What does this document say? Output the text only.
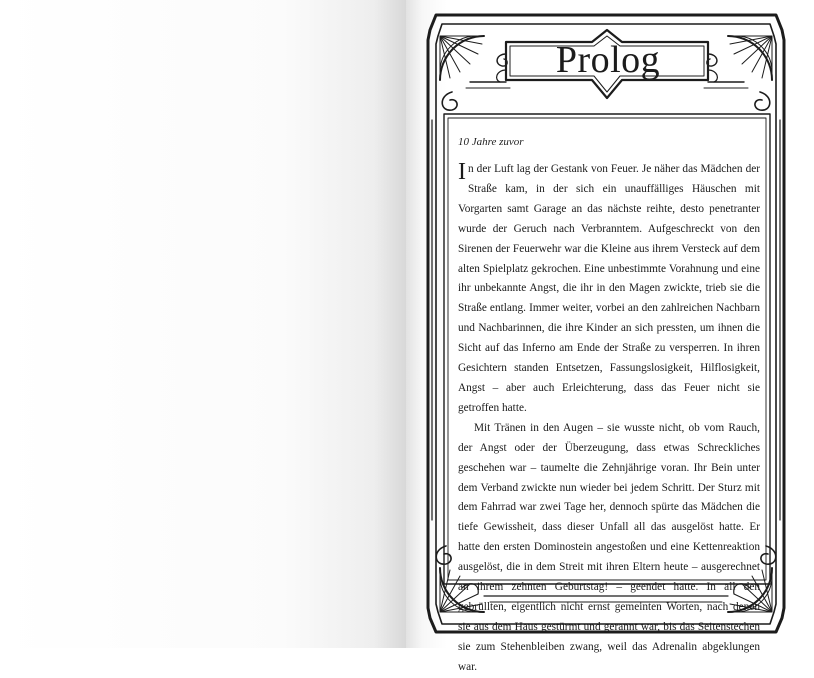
Prolog
10 Jahre zuvor

I n der Luft lag der Gestank von Feuer. Je näher das Mädchen der Straße kam, in der sich ein unauffälliges Häuschen mit Vorgarten samt Garage an das nächste reihte, desto penetranter wurde der Geruch nach Verbranntem. Aufgeschreckt von den Sirenen der Feuerwehr war die Kleine aus ihrem Versteck auf dem alten Spielplatz gekrochen. Eine unbestimmte Vorahnung und eine ihr unbekannte Angst, die ihr in den Magen zwickte, trieb sie die Straße entlang. Immer weiter, vorbei an den zahlreichen Nachbarn und Nachbarinnen, die ihre Kinder an sich pressten, um ihnen die Sicht auf das Inferno am Ende der Straße zu versperren. In ihren Gesichtern standen Entsetzen, Fassungslosigkeit, Hilflosigkeit, Angst – aber auch Erleichterung, dass das Feuer nicht sie getroffen hatte.

Mit Tränen in den Augen – sie wusste nicht, ob vom Rauch, der Angst oder der Überzeugung, dass etwas Schreckliches geschehen war – taumelte die Zehnjährige voran. Ihr Bein unter dem Verband zwickte nun wieder bei jedem Schritt. Der Sturz mit dem Fahrrad war zwei Tage her, dennoch spürte das Mädchen die tiefe Gewissheit, dass dieser Unfall all das ausgelöst hatte. Er hatte den ersten Dominostein angestoßen und eine Kettenreaktion ausgelöst, die in dem Streit mit ihren Eltern heute – ausgerechnet an ihrem zehnten Geburtstag! – geendet hatte. In all den gebrüllten, eigentlich nicht ernst gemeinten Worten, nach denen sie aus dem Haus gestürmt und gerannt war, bis das Seitenstechen sie zum Stehenbleiben zwang, weil das Adrenalin abgeklungen war.
